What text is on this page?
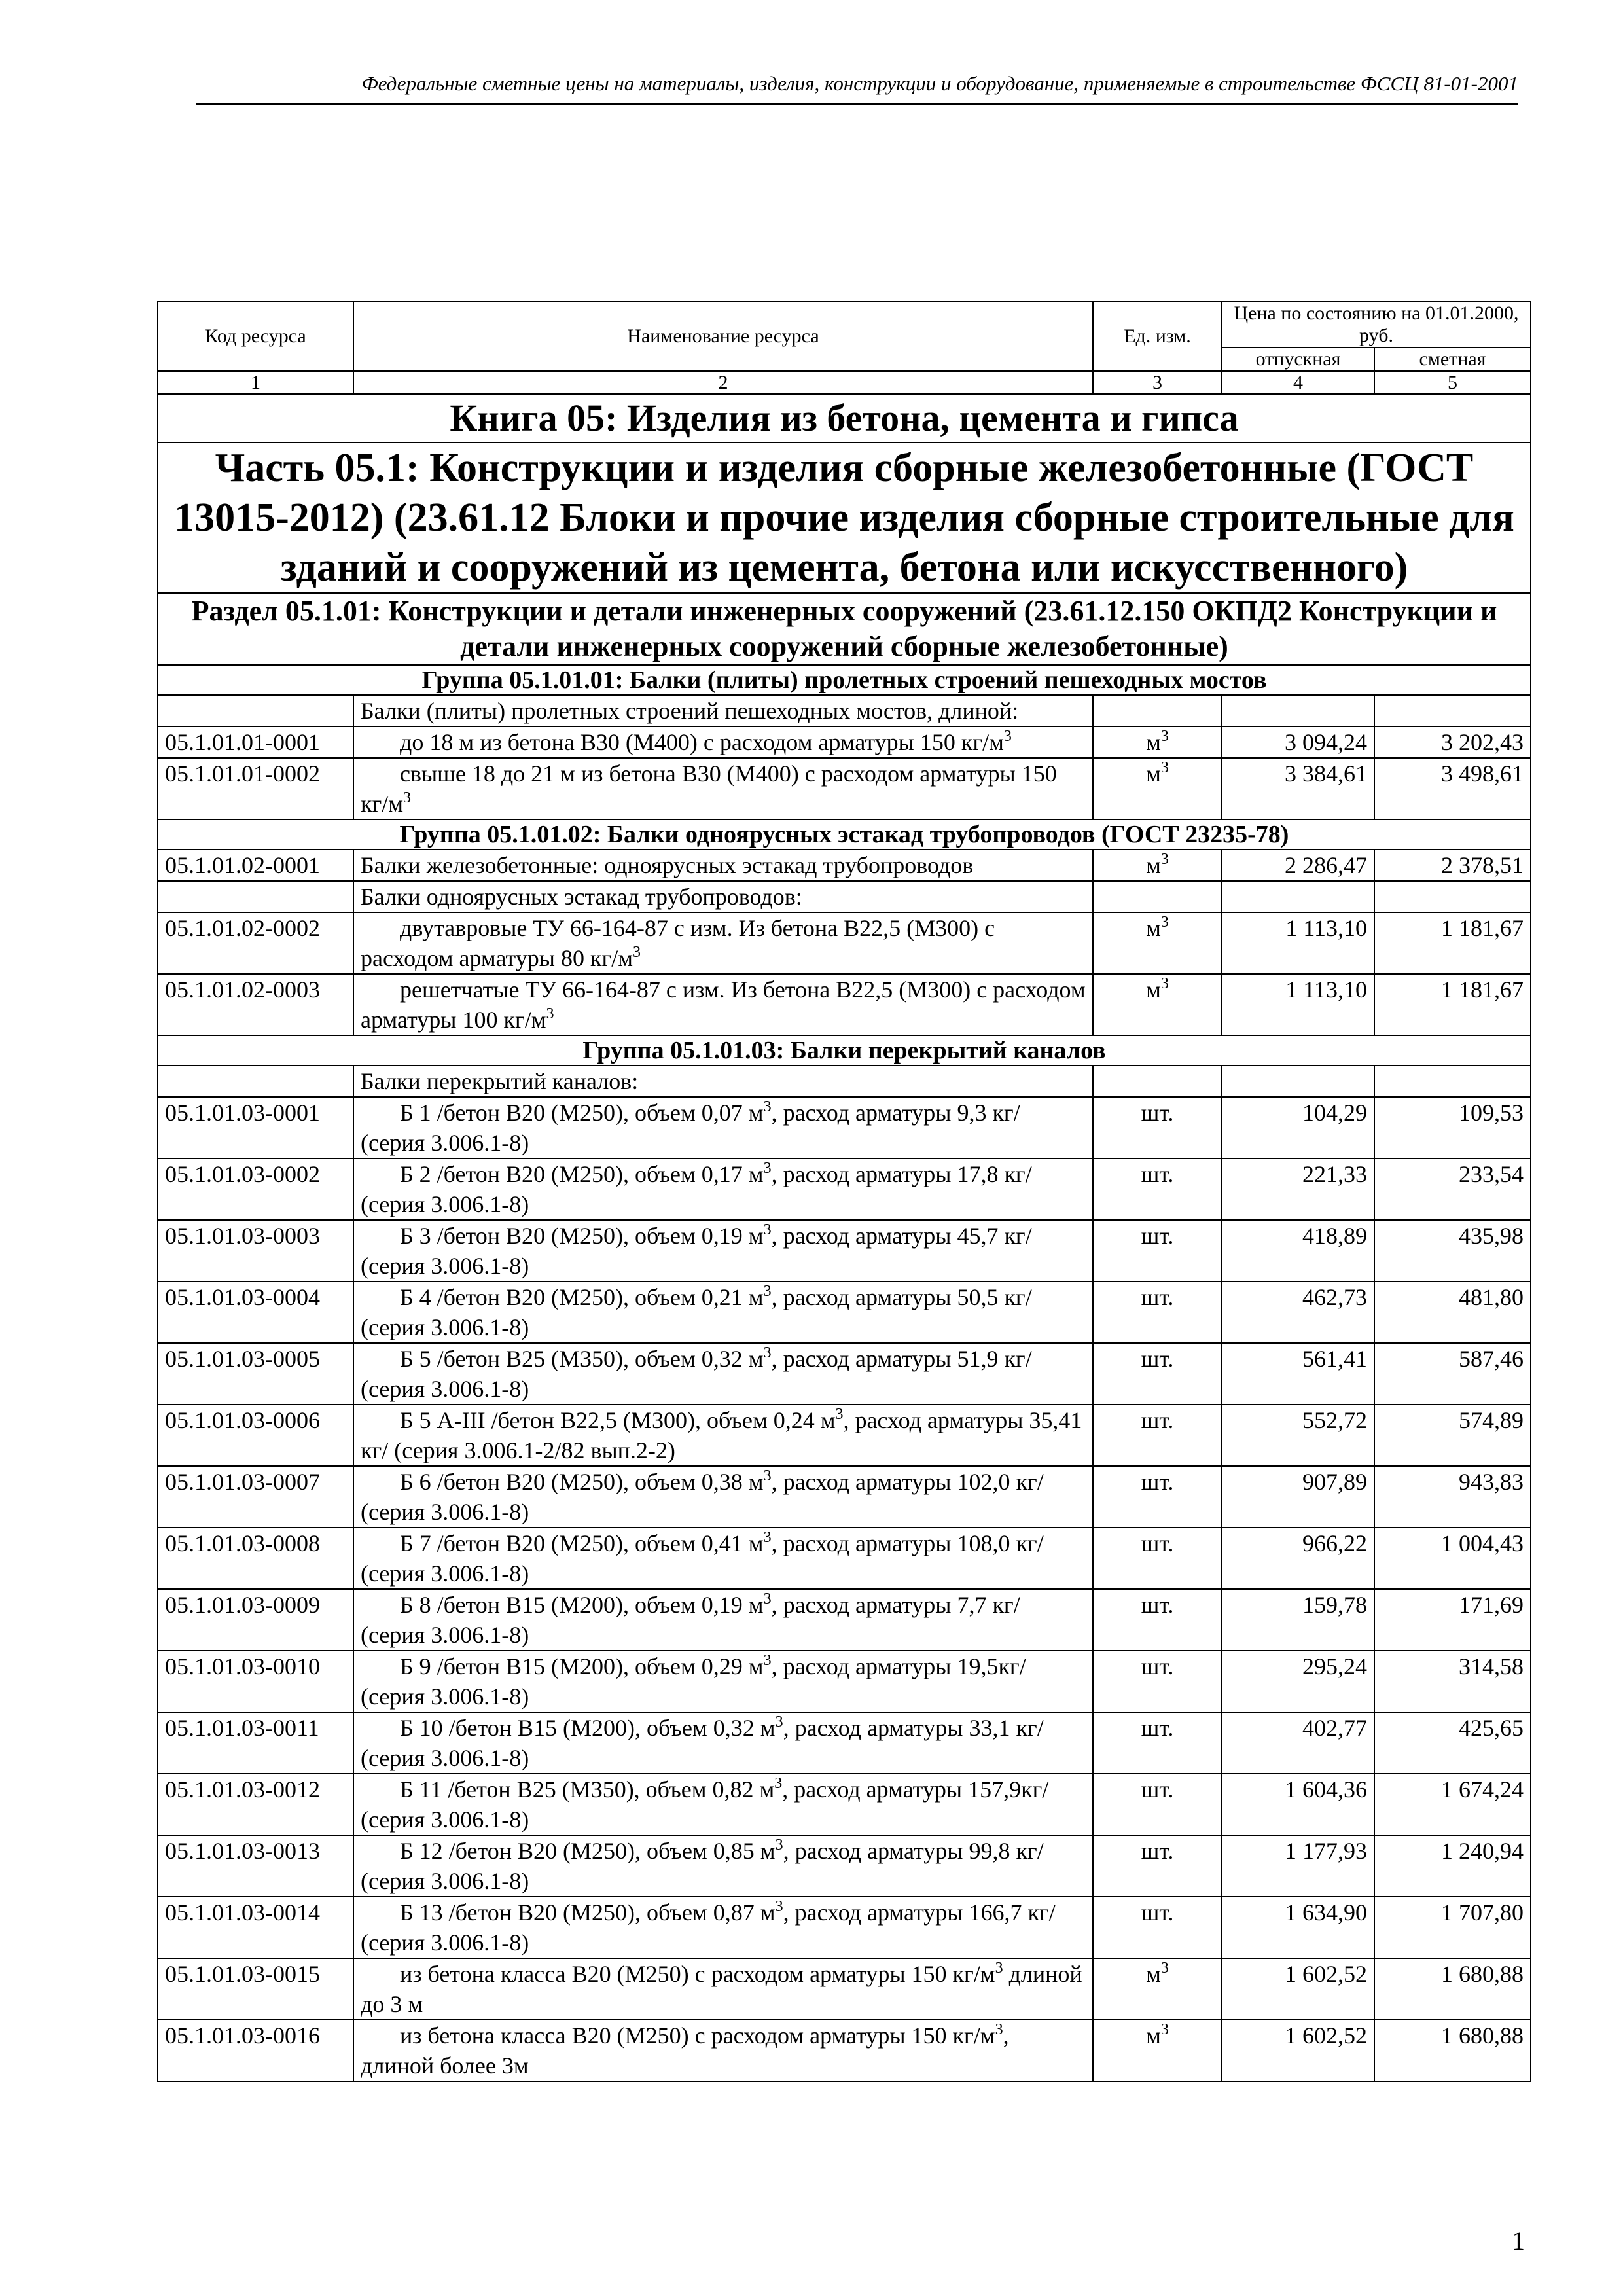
Федеральные сметные цены на материалы, изделия, конструкции и оборудование, применяемые в строительстве ФССЦ 81-01-2001
Код ресурса	Наименование ресурса	Ед. изм.	Цена по состоянию на 01.01.2000, руб.	
			отпускная	сметная
1	2	3	4	5
Книга 05: Изделия из бетона, цемента и гипса				
Часть 05.1: Конструкции и изделия сборные железобетонные (ГОСТ 13015-2012) (23.61.12 Блоки и прочие изделия сборные строительные для зданий и сооружений из цемента, бетона или искусственного)				
Раздел 05.1.01: Конструкции и детали инженерных сооружений (23.61.12.150 ОКПД2 Конструкции и детали инженерных сооружений сборные железобетонные)				
Группа 05.1.01.01: Балки (плиты) пролетных строений пешеходных мостов				
	Балки (плиты) пролетных строений пешеходных мостов, длиной:			
05.1.01.01-0001	до 18 м из бетона В30 (М400) с расходом арматуры 150 $кг/м^3$	$м^3$	3 094,24	3 202,43
05.1.01.01-0002	свыше 18 до 21 м из бетона В30 (М400) с расходом арматуры 150 $кг/м^3$	$м^3$	3 384,61	3 498,61
Группа 05.1.01.02: Балки одноярусных эстакад трубопроводов (ГОСТ 23235-78)				
05.1.01.02-0001	Балки железобетонные: одноярусных эстакад трубопроводов	$м^3$	2 286,47	2 378,51
	Балки одноярусных эстакад трубопроводов:			
05.1.01.02-0002	двутавровые ТУ 66-164-87 с изм. Из бетона В22,5 (М300) с расходом арматуры 80 $кг/м^3$	$м^3$	1 113,10	1 181,67
05.1.01.02-0003	решетчатые ТУ 66-164-87 с изм. Из бетона В22,5 (М300) с расходом арматуры 100 $кг/м^3$	$м^3$	1 113,10	1 181,67
Группа 05.1.01.03: Балки перекрытий каналов				
	Балки перекрытий каналов:			
05.1.01.03-0001	Б 1 /бетон В20 (М250), объем 0,07 $м^3$, расход арматуры 9,3 кг/ (серия 3.006.1-8)	шт.	104,29	109,53
05.1.01.03-0002	Б 2 /бетон В20 (М250), объем 0,17 $м^3$, расход арматуры 17,8 кг/ (серия 3.006.1-8)	шт.	221,33	233,54
05.1.01.03-0003	Б 3 /бетон В20 (М250), объем 0,19 $м^3$, расход арматуры 45,7 кг/ (серия 3.006.1-8)	шт.	418,89	435,98
05.1.01.03-0004	Б 4 /бетон В20 (М250), объем 0,21 $м^3$, расход арматуры 50,5 кг/ (серия 3.006.1-8)	шт.	462,73	481,80
05.1.01.03-0005	Б 5 /бетон В25 (М350), объем 0,32 $м^3$, расход арматуры 51,9 кг/ (серия 3.006.1-8)	шт.	561,41	587,46
05.1.01.03-0006	Б 5 А-III /бетон В22,5 (М300), объем 0,24 $м^3$, расход арматуры 35,41 кг/ (серия 3.006.1-2/82 вып.2-2)	шт.	552,72	574,89
05.1.01.03-0007	Б 6 /бетон В20 (М250), объем 0,38 $м^3$, расход арматуры 102,0 кг/ (серия 3.006.1-8)	шт.	907,89	943,83
05.1.01.03-0008	Б 7 /бетон В20 (М250), объем 0,41 $м^3$, расход арматуры 108,0 кг/ (серия 3.006.1-8)	шт.	966,22	1 004,43
05.1.01.03-0009	Б 8 /бетон В15 (М200), объем 0,19 $м^3$, расход арматуры 7,7 кг/ (серия 3.006.1-8)	шт.	159,78	171,69
05.1.01.03-0010	Б 9 /бетон В15 (М200), объем 0,29 $м^3$, расход арматуры 19,5кг/ (серия 3.006.1-8)	шт.	295,24	314,58
05.1.01.03-0011	Б 10 /бетон В15 (М200), объем 0,32 $м^3$, расход арматуры 33,1 кг/ (серия 3.006.1-8)	шт.	402,77	425,65
05.1.01.03-0012	Б 11 /бетон В25 (М350), объем 0,82 $м^3$, расход арматуры 157,9кг/ (серия 3.006.1-8)	шт.	1 604,36	1 674,24
05.1.01.03-0013	Б 12 /бетон В20 (М250), объем 0,85 $м^3$, расход арматуры 99,8 кг/ (серия 3.006.1-8)	шт.	1 177,93	1 240,94
05.1.01.03-0014	Б 13 /бетон В20 (М250), объем 0,87 $м^3$, расход арматуры 166,7 кг/ (серия 3.006.1-8)	шт.	1 634,90	1 707,80
05.1.01.03-0015	из бетона класса В20 (М250) с расходом арматуры 150 $кг/м^3$ длиной до 3 м	$м^3$	1 602,52	1 680,88
05.1.01.03-0016	из бетона класса В20 (М250) с расходом арматуры 150 $кг/м^3$, длиной более 3м	$м^3$	1 602,52	1 680,88
1
